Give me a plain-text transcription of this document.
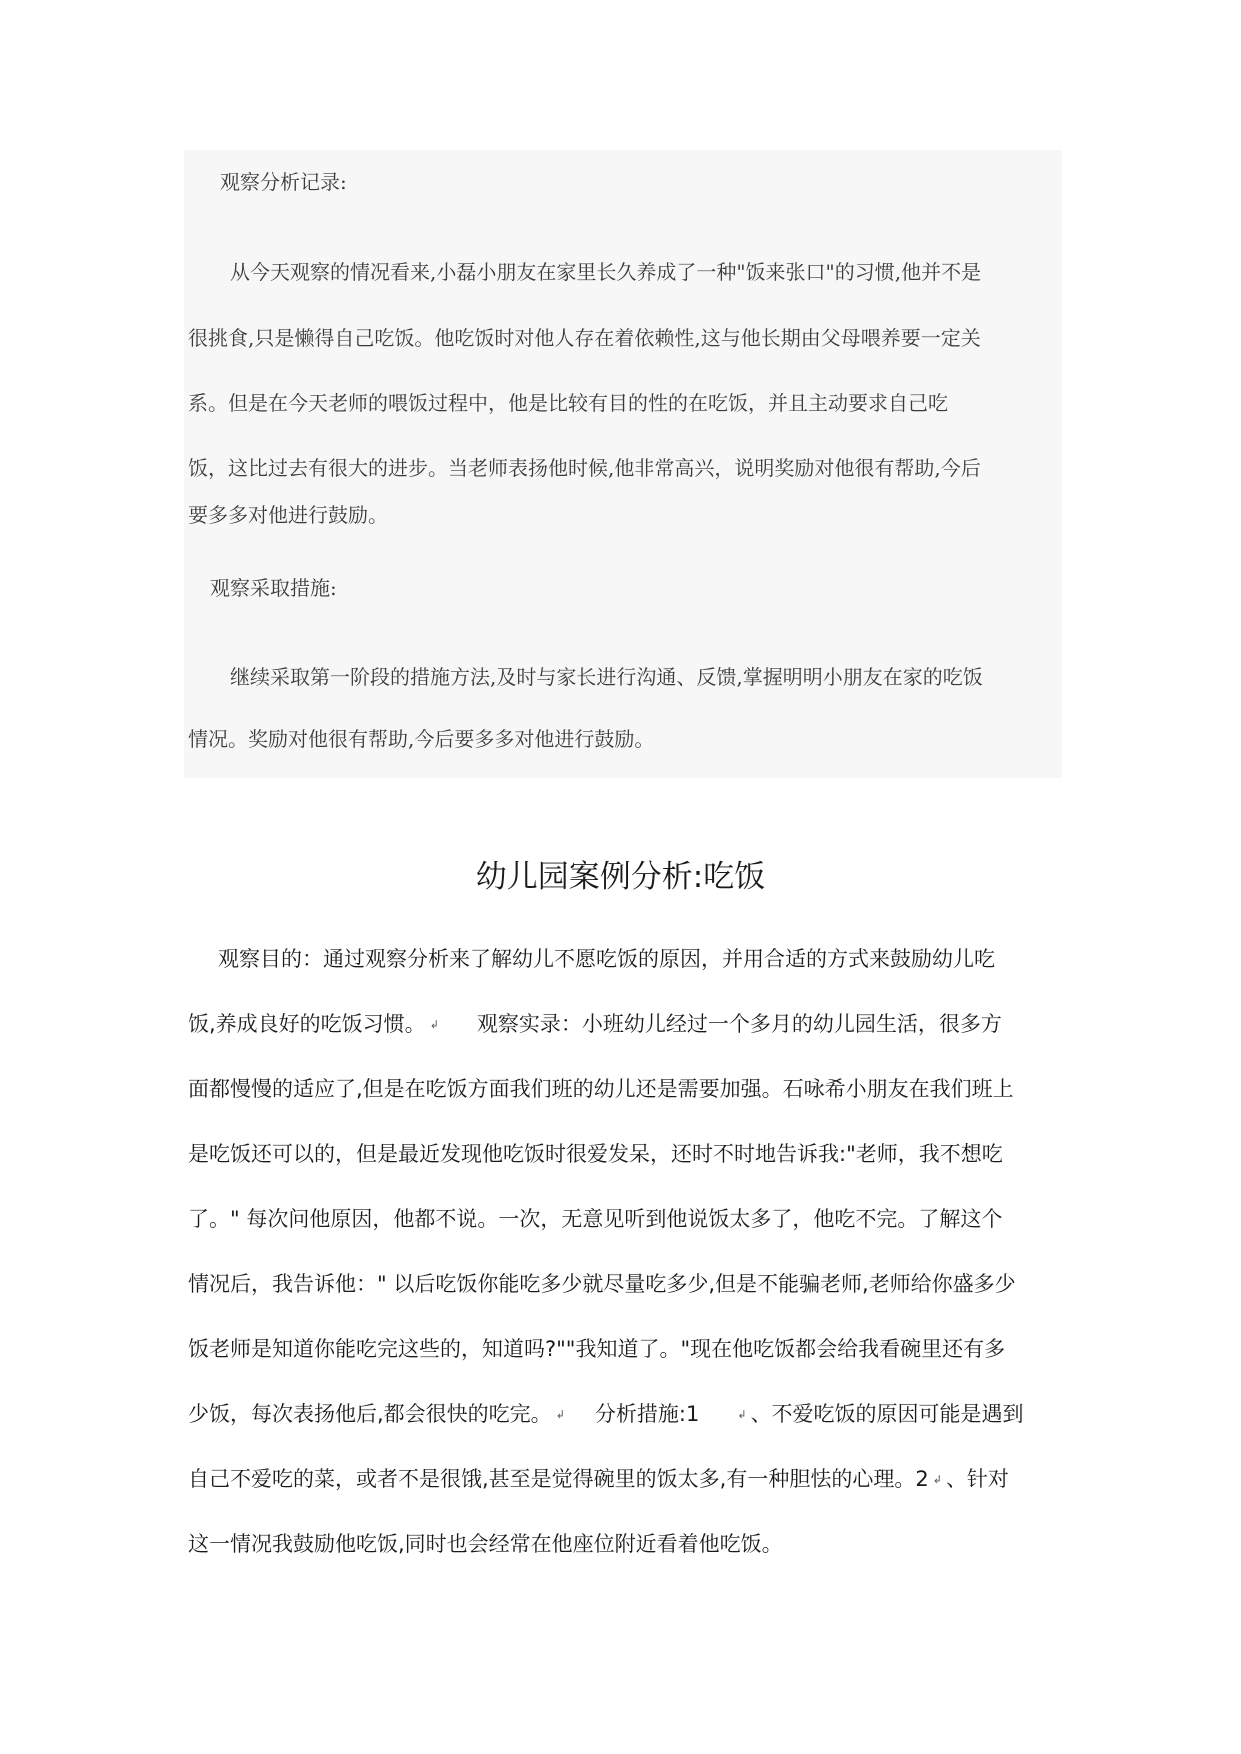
观察分析记录:
从今天观察的情况看来,小磊小朋友在家里长久养成了一种"饭来张口"的习惯,他并不是
很挑食,只是懒得自己吃饭。他吃饭时对他人存在着依赖性,这与他长期由父母喂养要一定关
系。但是在今天老师的喂饭过程中，他是比较有目的性的在吃饭，并且主动要求自己吃
饭，这比过去有很大的进步。当老师表扬他时候,他非常高兴，说明奖励对他很有帮助,今后
要多多对他进行鼓励。
观察采取措施:
继续采取第一阶段的措施方法,及时与家长进行沟通、反馈,掌握明明小朋友在家的吃饭
情况。奖励对他很有帮助,今后要多多对他进行鼓励。
幼儿园案例分析:吃饭
观察目的：通过观察分析来了解幼儿不愿吃饭的原因，并用合适的方式来鼓励幼儿吃
饭,养成良好的吃饭习惯。 ↲ 观察实录：小班幼儿经过一个多月的幼儿园生活，很多方
面都慢慢的适应了,但是在吃饭方面我们班的幼儿还是需要加强。石咏希小朋友在我们班上
是吃饭还可以的，但是最近发现他吃饭时很爱发呆，还时不时地告诉我:"老师，我不想吃
了。" 每次问他原因，他都不说。一次，无意见听到他说饭太多了，他吃不完。了解这个
情况后，我告诉他：" 以后吃饭你能吃多少就尽量吃多少,但是不能骗老师,老师给你盛多少
饭老师是知道你能吃完这些的，知道吗?""我知道了。"现在他吃饭都会给我看碗里还有多
少饭，每次表扬他后,都会很快的吃完。 ↲ 分析措施:1	↲ 、不爱吃饭的原因可能是遇到
自己不爱吃的菜，或者不是很饿,甚至是觉得碗里的饭太多,有一种胆怯的心理。2 ↲ 、针对
这一情况我鼓励他吃饭,同时也会经常在他座位附近看着他吃饭。
